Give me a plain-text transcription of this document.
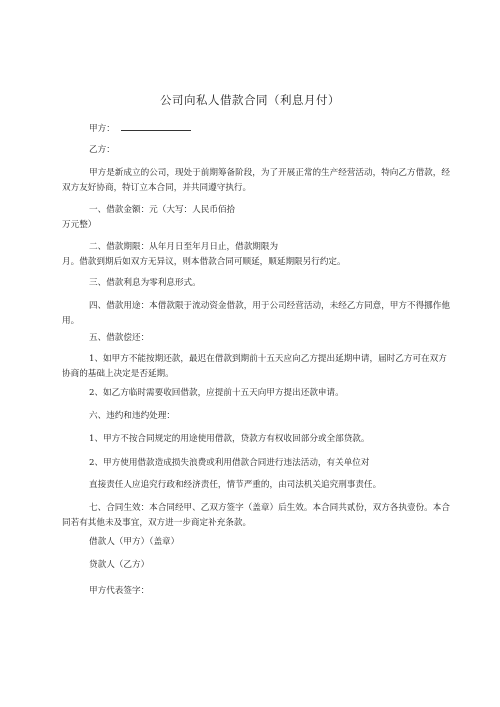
公司向私人借款合同（利息月付）

甲方：

乙方：

甲方是新成立的公司，现处于前期筹备阶段，为了开展正常的生产经营活动，特向乙方借款，经双方友好协商，特订立本合同，并共同遵守执行。

一、借款金额：元（大写：人民币佰拾
万元整）

二、借款期限：从年月日至年月日止，借款期限为
月。借款到期后如双方无异议，则本借款合同可顺延，顺延期限另行约定。

三、借款利息为零利息形式。

四、借款用途：本借款限于流动资金借款，用于公司经营活动，未经乙方同意，甲方不得挪作他用。

五、借款偿还：

1、如甲方不能按期还款，最迟在借款到期前十五天应向乙方提出延期申请，届时乙方可在双方协商的基础上决定是否延期。

2、如乙方临时需要收回借款，应提前十五天向甲方提出还款申请。

六、违约和违约处理：

1、甲方不按合同规定的用途使用借款，贷款方有权收回部分或全部贷款。

2、甲方使用借款造成损失浪费或利用借款合同进行违法活动，有关单位对

直接责任人应追究行政和经济责任，情节严重的，由司法机关追究刑事责任。

七、合同生效：本合同经甲、乙双方签字（盖章）后生效。本合同共贰份，双方各执壹份。本合同若有其他未及事宜，双方进一步商定补充条款。

借款人（甲方）（盖章）

贷款人（乙方）

甲方代表签字：
